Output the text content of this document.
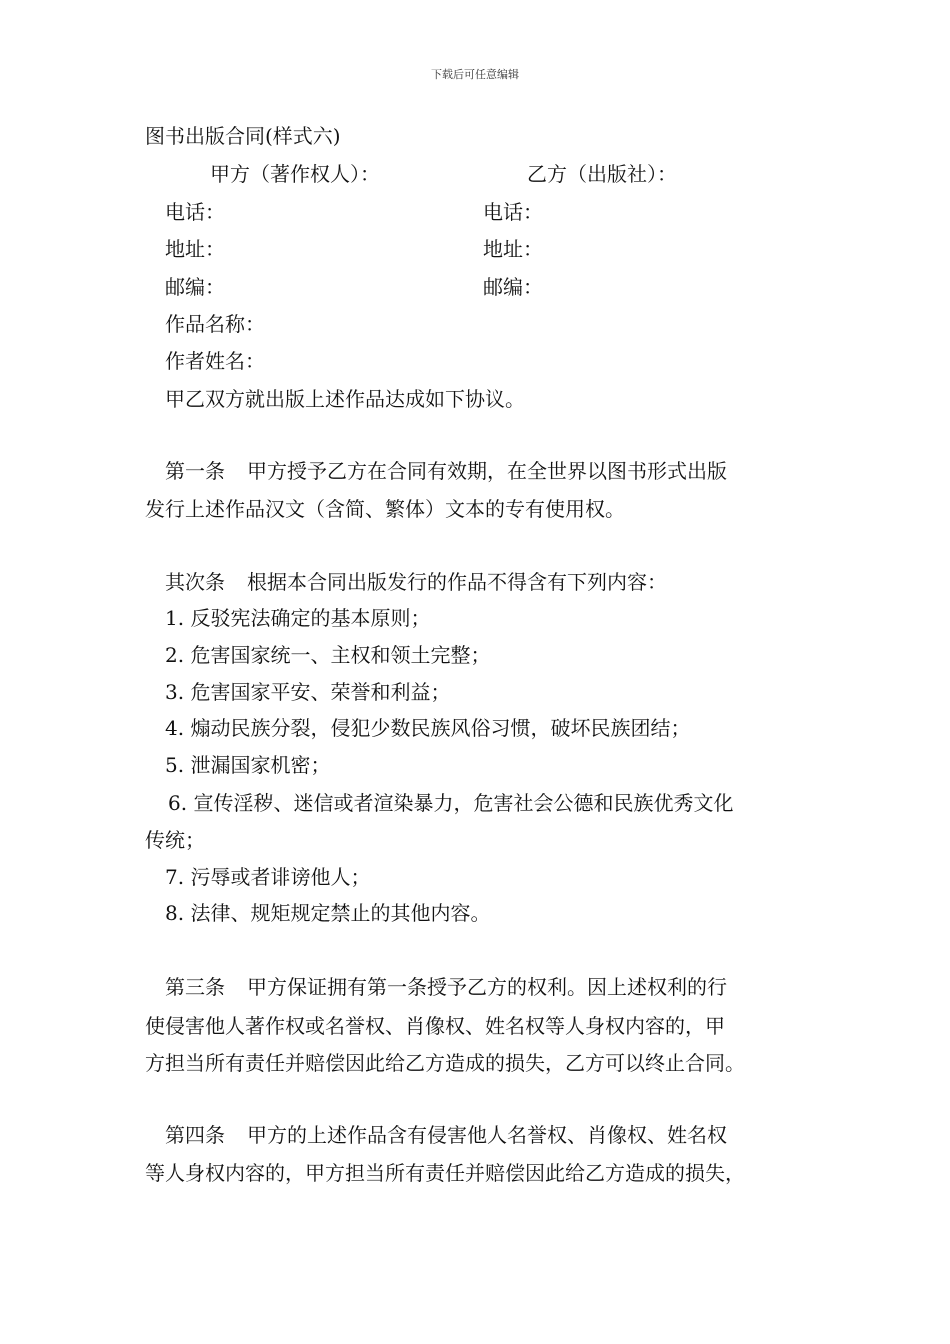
下载后可任意编辑
图书出版合同(样式六)
甲方（著作权人）：	乙方（出版社）：
电话：	电话：
地址：	地址：
邮编：	邮编：
作品名称：
作者姓名：
甲乙双方就出版上述作品达成如下协议。
第一条 甲方授予乙方在合同有效期，在全世界以图书形式出版
发行上述作品汉文（含简、繁体）文本的专有使用权。
其次条 根据本合同出版发行的作品不得含有下列内容：
1. 反驳宪法确定的基本原则；
2. 危害国家统一、主权和领土完整；
3. 危害国家平安、荣誉和利益；
4. 煽动民族分裂，侵犯少数民族风俗习惯，破坏民族团结；
5. 泄漏国家机密；
6. 宣传淫秽、迷信或者渲染暴力，危害社会公德和民族优秀文化
传统；
7. 污辱或者诽谤他人；
8. 法律、规矩规定禁止的其他内容。
第三条 甲方保证拥有第一条授予乙方的权利。因上述权利的行
使侵害他人著作权或名誉权、肖像权、姓名权等人身权内容的，甲
方担当所有责任并赔偿因此给乙方造成的损失，乙方可以终止合同。
第四条 甲方的上述作品含有侵害他人名誉权、肖像权、姓名权
等人身权内容的，甲方担当所有责任并赔偿因此给乙方造成的损失，
